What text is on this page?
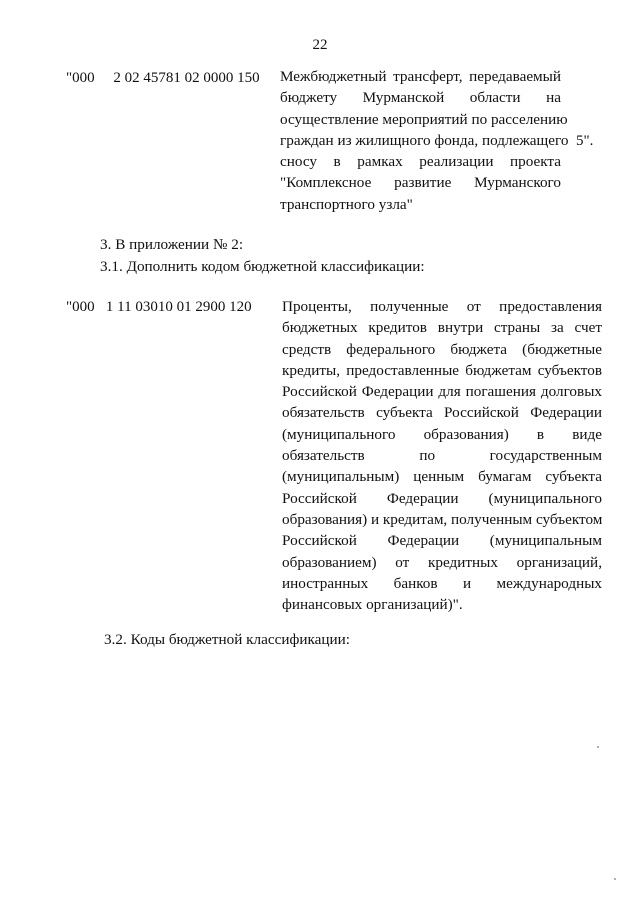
22
"000     2 02 45781 02 0000 150 Межбюджетный трансферт, передаваемый
бюджету Мурманской области на
осуществление мероприятий по расселению
граждан из жилищного фонда, подлежащего
сносу в рамках реализации проекта
"Комплексное развитие Мурманского
транспортного узла"
5".
3. В приложении № 2:
3.1. Дополнить кодом бюджетной классификации:
"000   1 11 03010 01 2900 120 Проценты, полученные от предоставления
бюджетных кредитов внутри страны за счет
средств федерального бюджета (бюджетные
кредиты, предоставленные бюджетам субъектов
Российской Федерации для погашения долговых
обязательств субъекта Российской Федерации
(муниципального образования) в виде
обязательств по государственным
(муниципальным) ценным бумагам субъекта
Российской Федерации (муниципального
образования) и кредитам, полученным субъектом
Российской Федерации (муниципальным
образованием) от кредитных организаций,
иностранных банков и международных
финансовых организаций)".
3.2. Коды бюджетной классификации:
